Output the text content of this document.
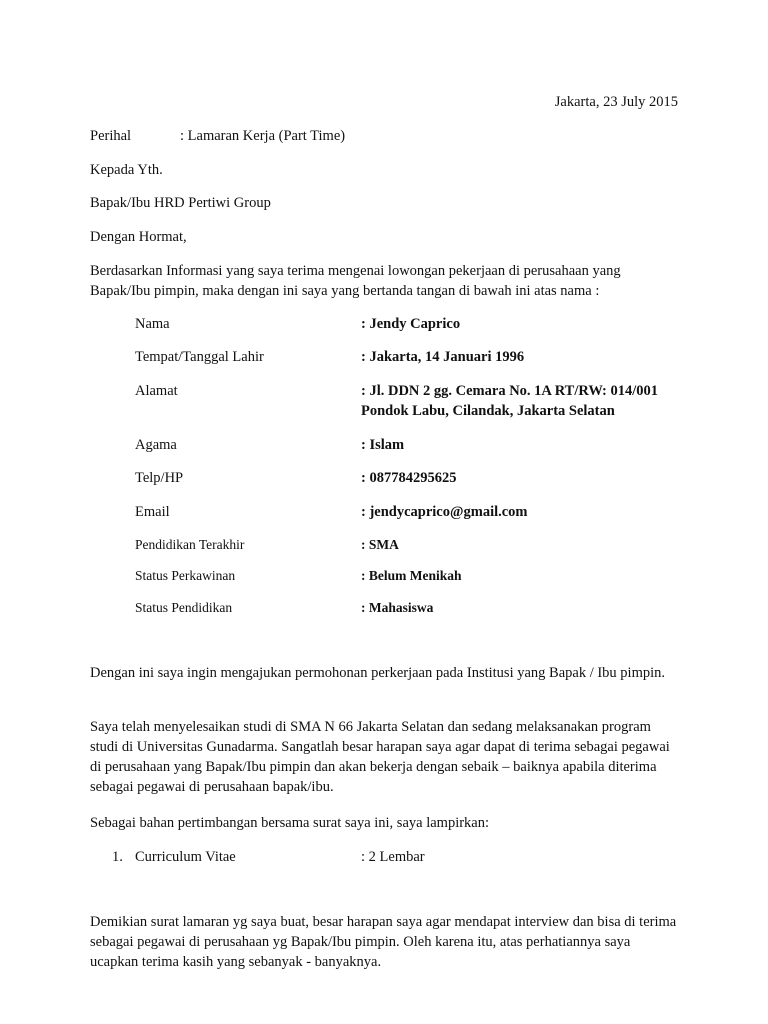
Jakarta, 23 July 2015
Perihal	: Lamaran Kerja (Part Time)
Kepada Yth.
Bapak/Ibu HRD Pertiwi Group
Dengan Hormat,
Berdasarkan Informasi yang saya terima mengenai lowongan pekerjaan di perusahaan yang Bapak/Ibu pimpin, maka dengan ini saya yang bertanda tangan di bawah ini atas nama :
Nama	: Jendy Caprico
Tempat/Tanggal Lahir	: Jakarta, 14 Januari 1996
Alamat	: Jl. DDN 2 gg. Cemara No. 1A RT/RW: 014/001 Pondok Labu, Cilandak, Jakarta Selatan
Agama	: Islam
Telp/HP	: 087784295625
Email	: jendycaprico@gmail.com
Pendidikan Terakhir	: SMA
Status Perkawinan	: Belum Menikah
Status Pendidikan	: Mahasiswa
Dengan ini saya ingin mengajukan permohonan perkerjaan pada Institusi yang Bapak / Ibu pimpin.
Saya telah menyelesaikan studi di SMA N 66 Jakarta Selatan dan sedang melaksanakan program studi di Universitas Gunadarma. Sangatlah besar harapan saya agar dapat di terima sebagai pegawai di perusahaan yang Bapak/Ibu pimpin dan akan bekerja dengan sebaik – baiknya apabila diterima sebagai pegawai di perusahaan bapak/ibu.
Sebagai bahan pertimbangan bersama surat saya ini, saya lampirkan:
1. Curriculum Vitae	: 2 Lembar
Demikian surat lamaran yg saya buat, besar harapan saya agar mendapat interview dan bisa di terima sebagai pegawai di perusahaan yg Bapak/Ibu pimpin. Oleh karena itu, atas perhatiannya saya ucapkan terima kasih yang sebanyak - banyaknya.
